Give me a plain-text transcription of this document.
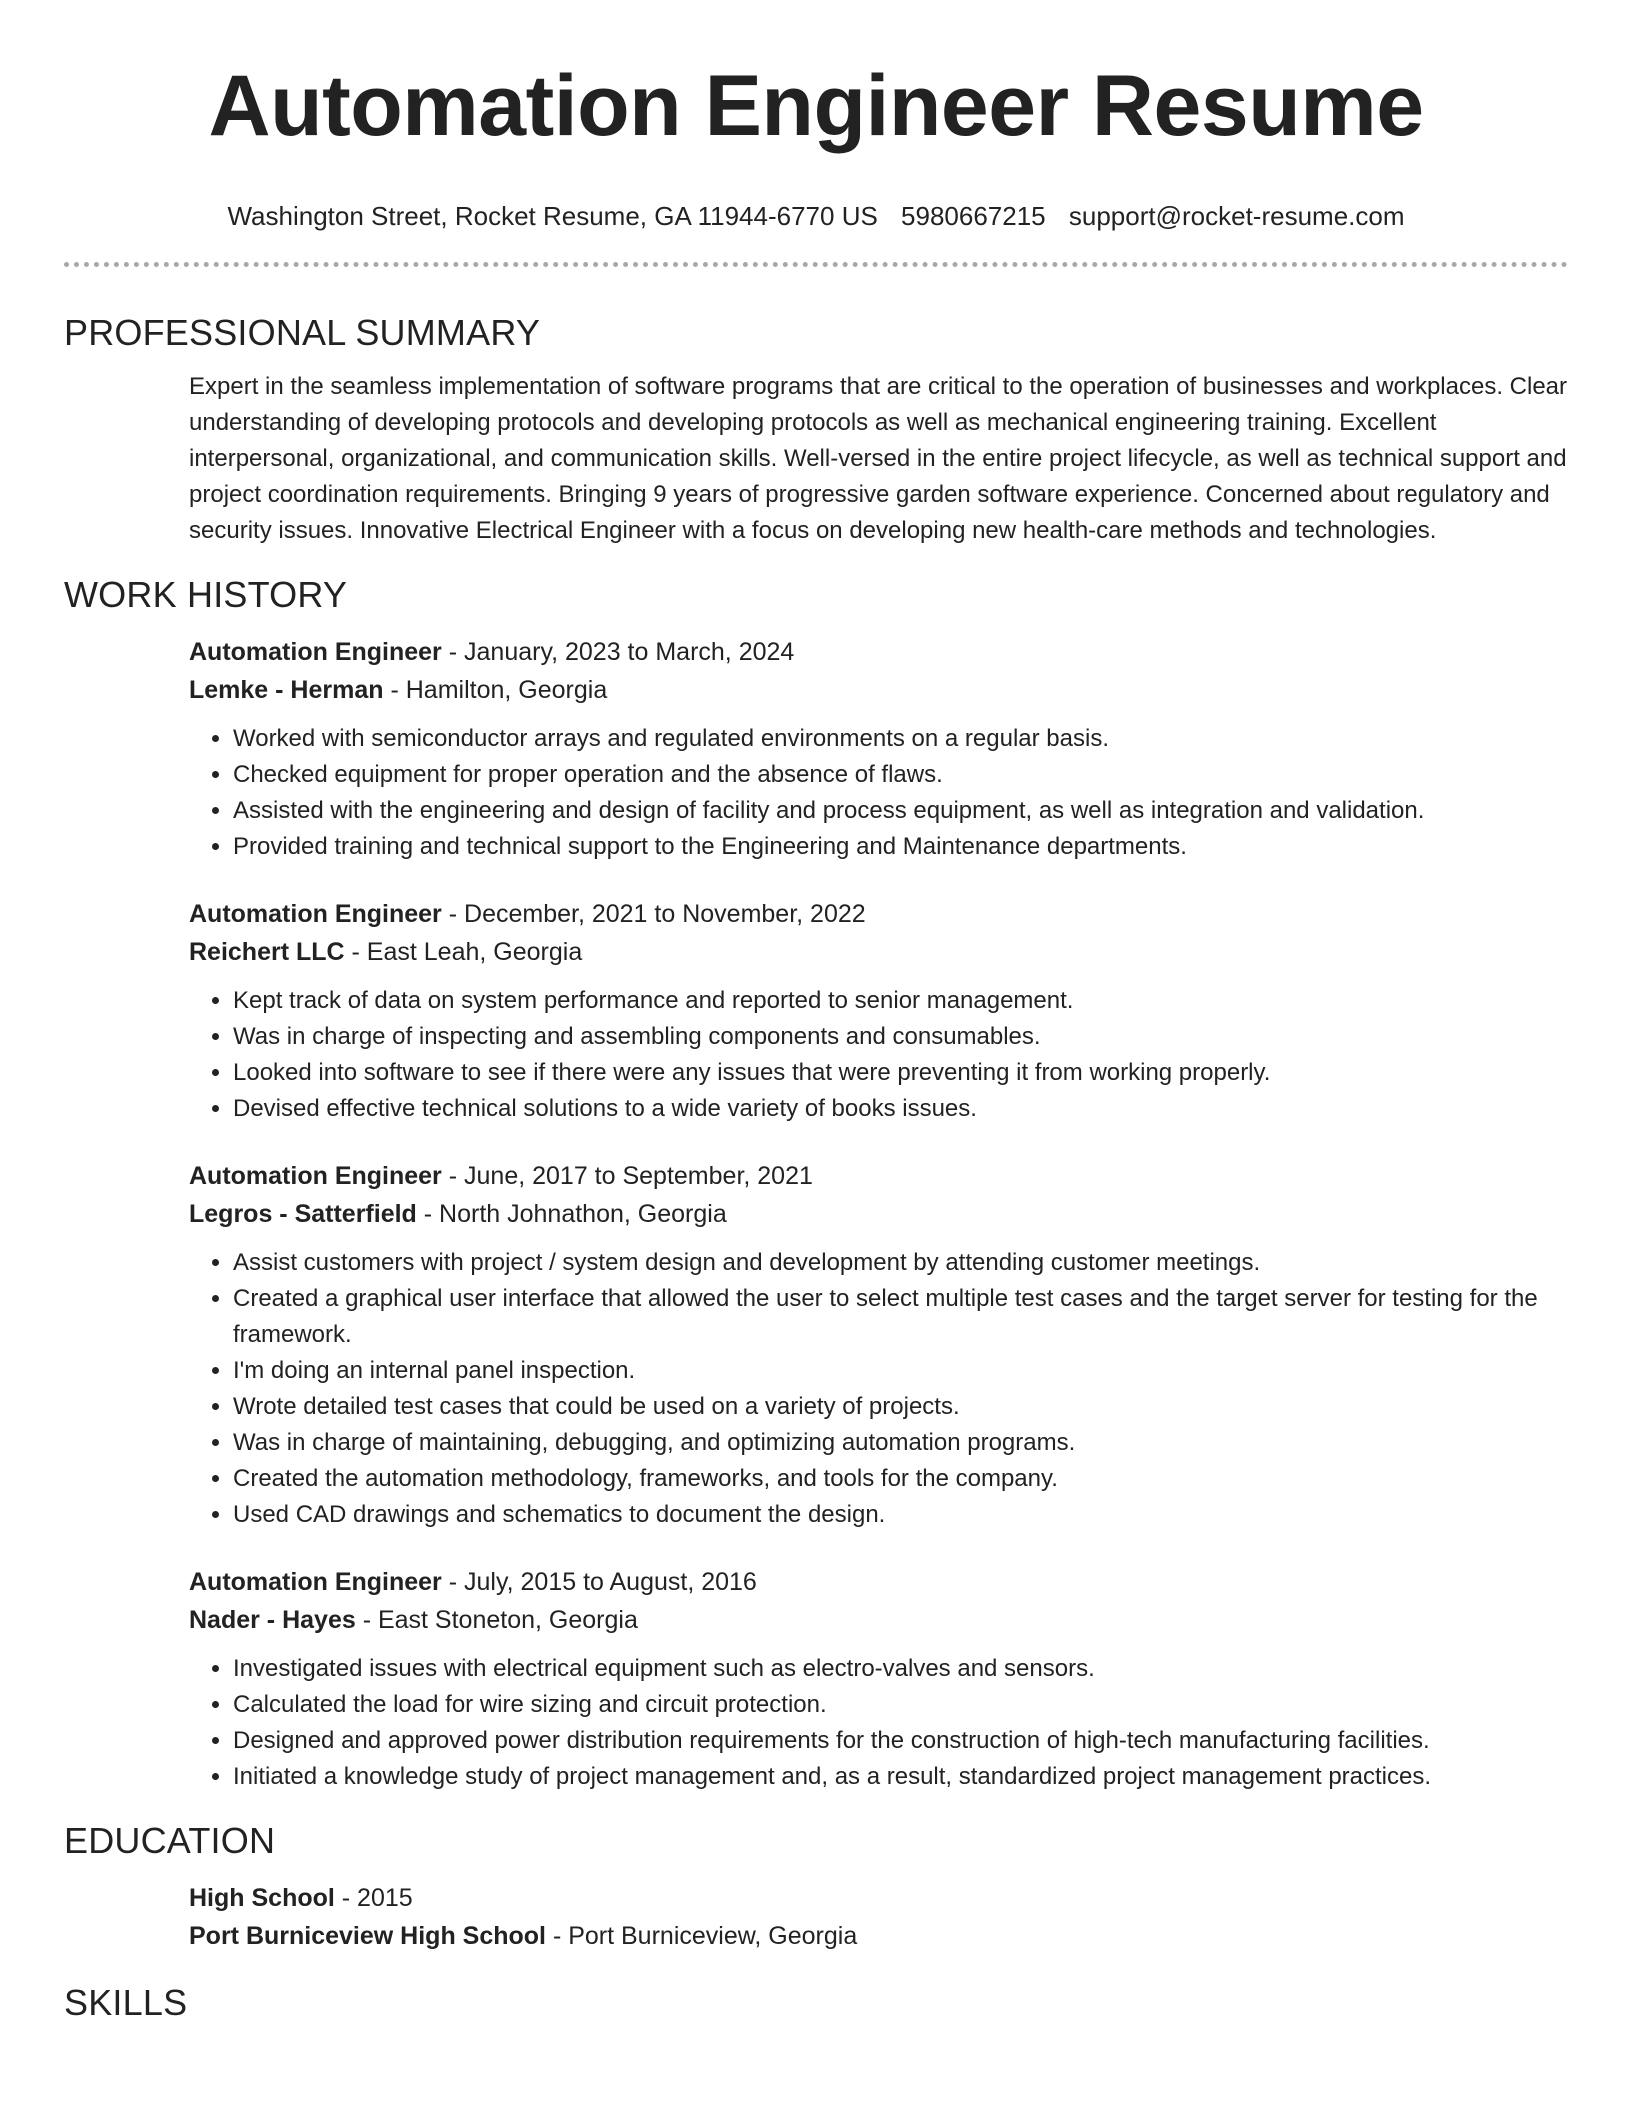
Automation Engineer Resume
Washington Street, Rocket Resume, GA 11944-6770 US 5980667215 support@rocket-resume.com
PROFESSIONAL SUMMARY

Expert in the seamless implementation of software programs that are critical to the operation of businesses and workplaces. Clear understanding of developing protocols and developing protocols as well as mechanical engineering training. Excellent interpersonal, organizational, and communication skills. Well-versed in the entire project lifecycle, as well as technical support and project coordination requirements. Bringing 9 years of progressive garden software experience. Concerned about regulatory and security issues. Innovative Electrical Engineer with a focus on developing new health-care methods and technologies.

WORK HISTORY
Automation Engineer - January, 2023 to March, 2024
Lemke - Herman - Hamilton, Georgia
• Worked with semiconductor arrays and regulated environments on a regular basis.
• Checked equipment for proper operation and the absence of flaws.
• Assisted with the engineering and design of facility and process equipment, as well as integration and validation.
• Provided training and technical support to the Engineering and Maintenance departments.
Automation Engineer - December, 2021 to November, 2022
Reichert LLC - East Leah, Georgia
• Kept track of data on system performance and reported to senior management.
• Was in charge of inspecting and assembling components and consumables.
• Looked into software to see if there were any issues that were preventing it from working properly.
• Devised effective technical solutions to a wide variety of books issues.
Automation Engineer - June, 2017 to September, 2021
Legros - Satterfield - North Johnathon, Georgia
• Assist customers with project / system design and development by attending customer meetings.
• Created a graphical user interface that allowed the user to select multiple test cases and the target server for testing for the framework.
• I'm doing an internal panel inspection.
• Wrote detailed test cases that could be used on a variety of projects.
• Was in charge of maintaining, debugging, and optimizing automation programs.
• Created the automation methodology, frameworks, and tools for the company.
• Used CAD drawings and schematics to document the design.
Automation Engineer - July, 2015 to August, 2016
Nader - Hayes - East Stoneton, Georgia
• Investigated issues with electrical equipment such as electro-valves and sensors.
• Calculated the load for wire sizing and circuit protection.
• Designed and approved power distribution requirements for the construction of high-tech manufacturing facilities.
• Initiated a knowledge study of project management and, as a result, standardized project management practices.
EDUCATION
High School - 2015
Port Burniceview High School - Port Burniceview, Georgia
SKILLS
